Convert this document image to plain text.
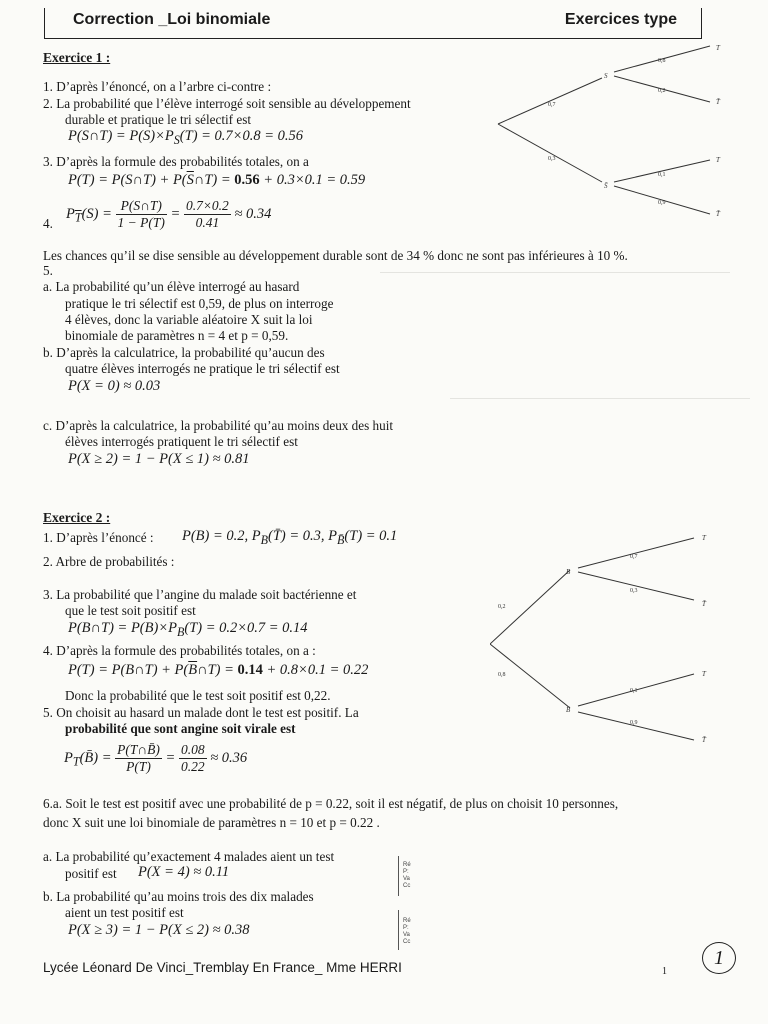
Correction _Loi binomiale	Exercices type
Exercice 1 :
1. D’après l’énoncé, on a l’arbre ci-contre :
2. La probabilité que l’élève interrogé soit sensible au développement
durable et pratique le tri sélectif est
P(S∩T) = $P(S)\times P_S(T) = 0.7\times 0.8 = 0.56$
3. D’après la formule des probabilités totales, on a
P(T) = P(S∩T) + $P(\overline{S}\cap T) = 0.56 + 0.3\times 0.1 = 0.59$
4.
$P_{\overline{T}}(S) = \frac{P(S\cap T)}{1 - P(T)} = \frac{0.7\times 0.2}{0.41} \approx 0.34$
Les chances qu’il se dise sensible au développement durable sont de 34 % donc ne sont pas inférieures à 10 %.
5.
a. La probabilité qu’un élève interrogé au hasard
pratique le tri sélectif est 0,59, de plus on interroge
4 élèves, donc la variable aléatoire X suit la loi
binomiale de paramètres n = 4 et p = 0,59.
b. D’après la calculatrice, la probabilité qu’aucun des
quatre élèves interrogés ne pratique le tri sélectif est
P(X = 0) ≈ 0.03
c. D’après la calculatrice, la probabilité qu’au moins deux des huit
élèves interrogés pratiquent le tri sélectif est
P(X ≥ 2) = 1 − P(X ≤ 1) ≈ 0.81
0,7
0,3
0,8
0,2
0,1
0,9
S
S̄
T
T̄
T
T̄
Exercice 2 :
1. D’après l’énoncé : P(B) = 0.2, $P_B(T̄) = 0.3$, $P_{B̄}(T) = 0.1$
2. Arbre de probabilités :
3. La probabilité que l’angine du malade soit bactérienne et
que le test soit positif est
P(B∩T) = $P(B)\times P_B(T) = 0.2\times 0.7 = 0.14$
4. D’après la formule des probabilités totales, on a :
P(T) = P(B∩T) + $P(\overline{B}\cap T) = 0.14 + 0.8\times 0.1 = 0.22$
Donc la probabilité que le test soit positif est 0,22.
5. On choisit au hasard un malade dont le test est positif. La
probabilité que sont angine soit virale est
$P_T(B̄) = \frac{P(T\cap B̄)}{P(T)} = \frac{0.08}{0.22} \approx 0.36$
6.a. Soit le test est positif avec une probabilité de p = 0.22, soit il est négatif, de plus on choisit 10 personnes,
donc X suit une loi binomiale de paramètres n = 10 et p = 0.22 .
a. La probabilité qu’exactement 4 malades aient un test
positif est P(X = 4) ≈ 0.11
b. La probabilité qu’au moins trois des dix malades
aient un test positif est
P(X ≥ 3) = 1 − P(X ≤ 2) ≈ 0.38
Ré
P:
Va
Cc
Ré
P:
Va
Cc
0,2
0,8
0,7
0,3
0,1
0,9
B
B̄
T
T̄
T
T̄
Lycée Léonard De Vinci_Tremblay En France_ Mme HERRI	1
1
